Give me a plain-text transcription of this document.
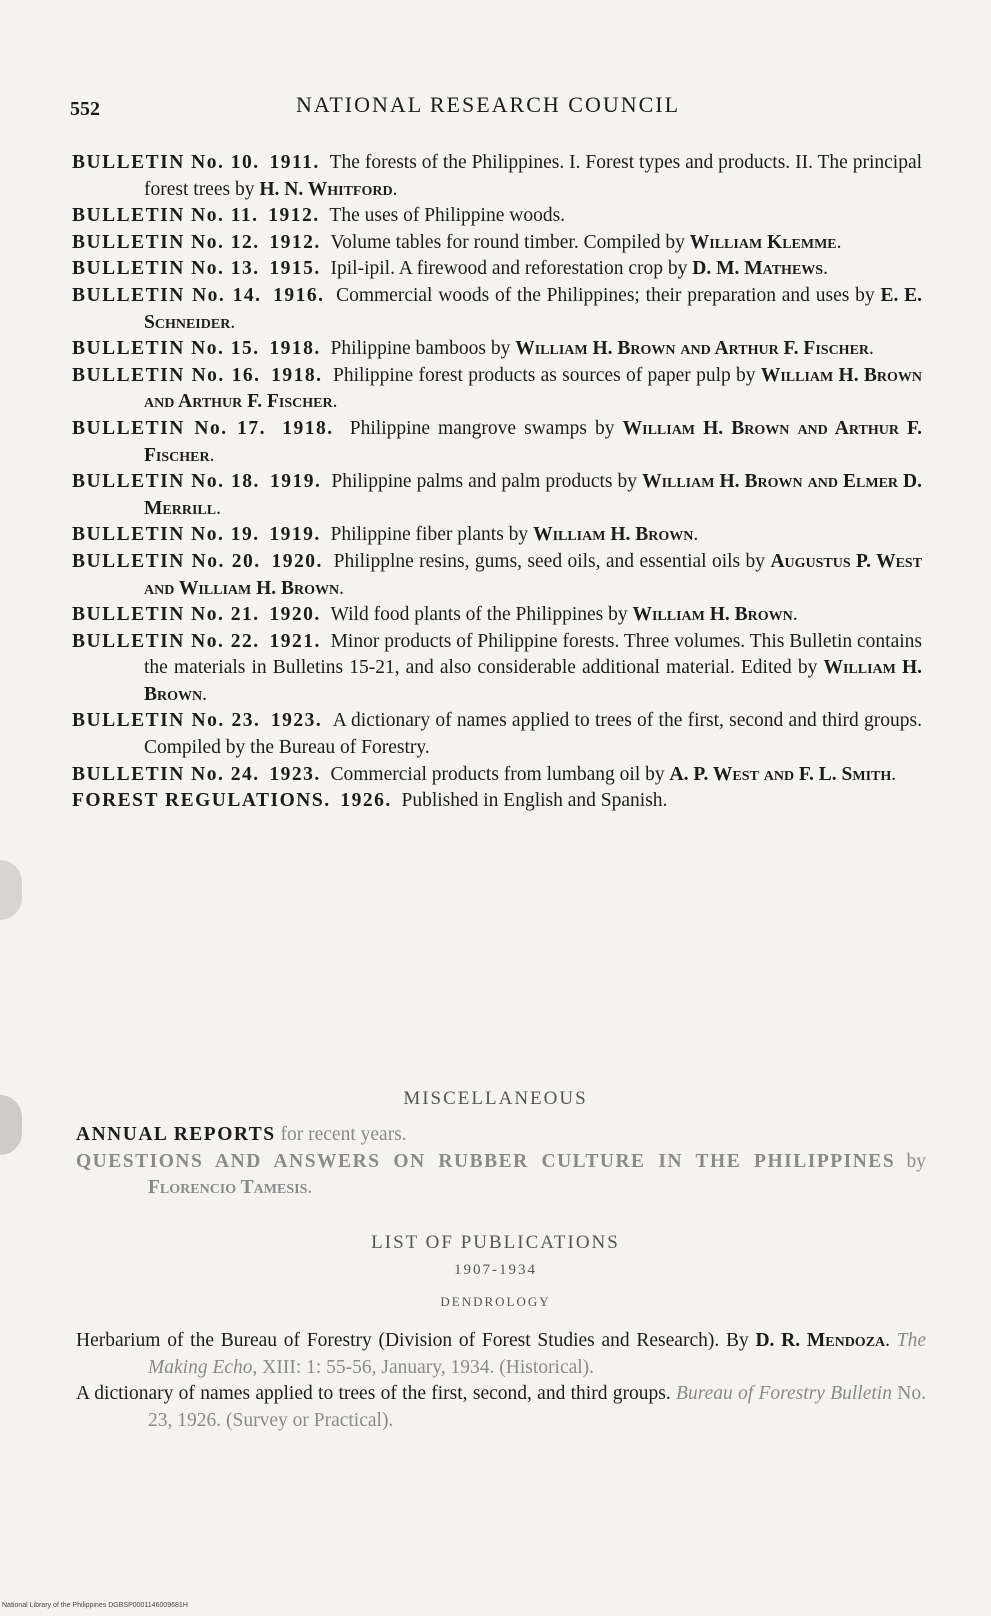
552	NATIONAL RESEARCH COUNCIL

BULLETIN No. 10. 1911. The forests of the Philippines. I. Forest types and products. II. The principal forest trees by H. N. Whitford.

BULLETIN No. 11. 1912. The uses of Philippine woods.

BULLETIN No. 12. 1912. Volume tables for round timber. Compiled by William Klemme.

BULLETIN No. 13. 1915. Ipil-ipil. A firewood and reforestation crop by D. M. Mathews.

BULLETIN No. 14. 1916. Commercial woods of the Philippines; their preparation and uses by E. E. Schneider.

BULLETIN No. 15. 1918. Philippine bamboos by William H. Brown and Arthur F. Fischer.

BULLETIN No. 16. 1918. Philippine forest products as sources of paper pulp by William H. Brown and Arthur F. Fischer.

BULLETIN No. 17. 1918. Philippine mangrove swamps by William H. Brown and Arthur F. Fischer.

BULLETIN No. 18. 1919. Philippine palms and palm products by William H. Brown and Elmer D. Merrill.

BULLETIN No. 19. 1919. Philippine fiber plants by William H. Brown.

BULLETIN No. 20. 1920. Philipplne resins, gums, seed oils, and essential oils by Augustus P. West and William H. Brown.

BULLETIN No. 21. 1920. Wild food plants of the Philippines by William H. Brown.

BULLETIN No. 22. 1921. Minor products of Philippine forests. Three volumes. This Bulletin contains the materials in Bulletins 15-21, and also considerable additional material. Edited by William H. Brown.

BULLETIN No. 23. 1923. A dictionary of names applied to trees of the first, second and third groups. Compiled by the Bureau of Forestry.

BULLETIN No. 24. 1923. Commercial products from lumbang oil by A. P. West and F. L. Smith.

FOREST REGULATIONS. 1926. Published in English and Spanish.

MISCELLANEOUS

ANNUAL REPORTS for recent years.

QUESTIONS AND ANSWERS ON RUBBER CULTURE IN THE PHILIPPINES by Florencio Tamesis.

LIST OF PUBLICATIONS
1907-1934
DENDROLOGY

Herbarium of the Bureau of Forestry (Division of Forest Studies and Research). By D. R. Mendoza. The Making Echo, XIII: 1: 55-56, January, 1934. (Historical).

A dictionary of names applied to trees of the first, second, and third groups. Bureau of Forestry Bulletin No. 23, 1926. (Survey or Practical).

National Library of the Philippines DGBSP0001146009681H
